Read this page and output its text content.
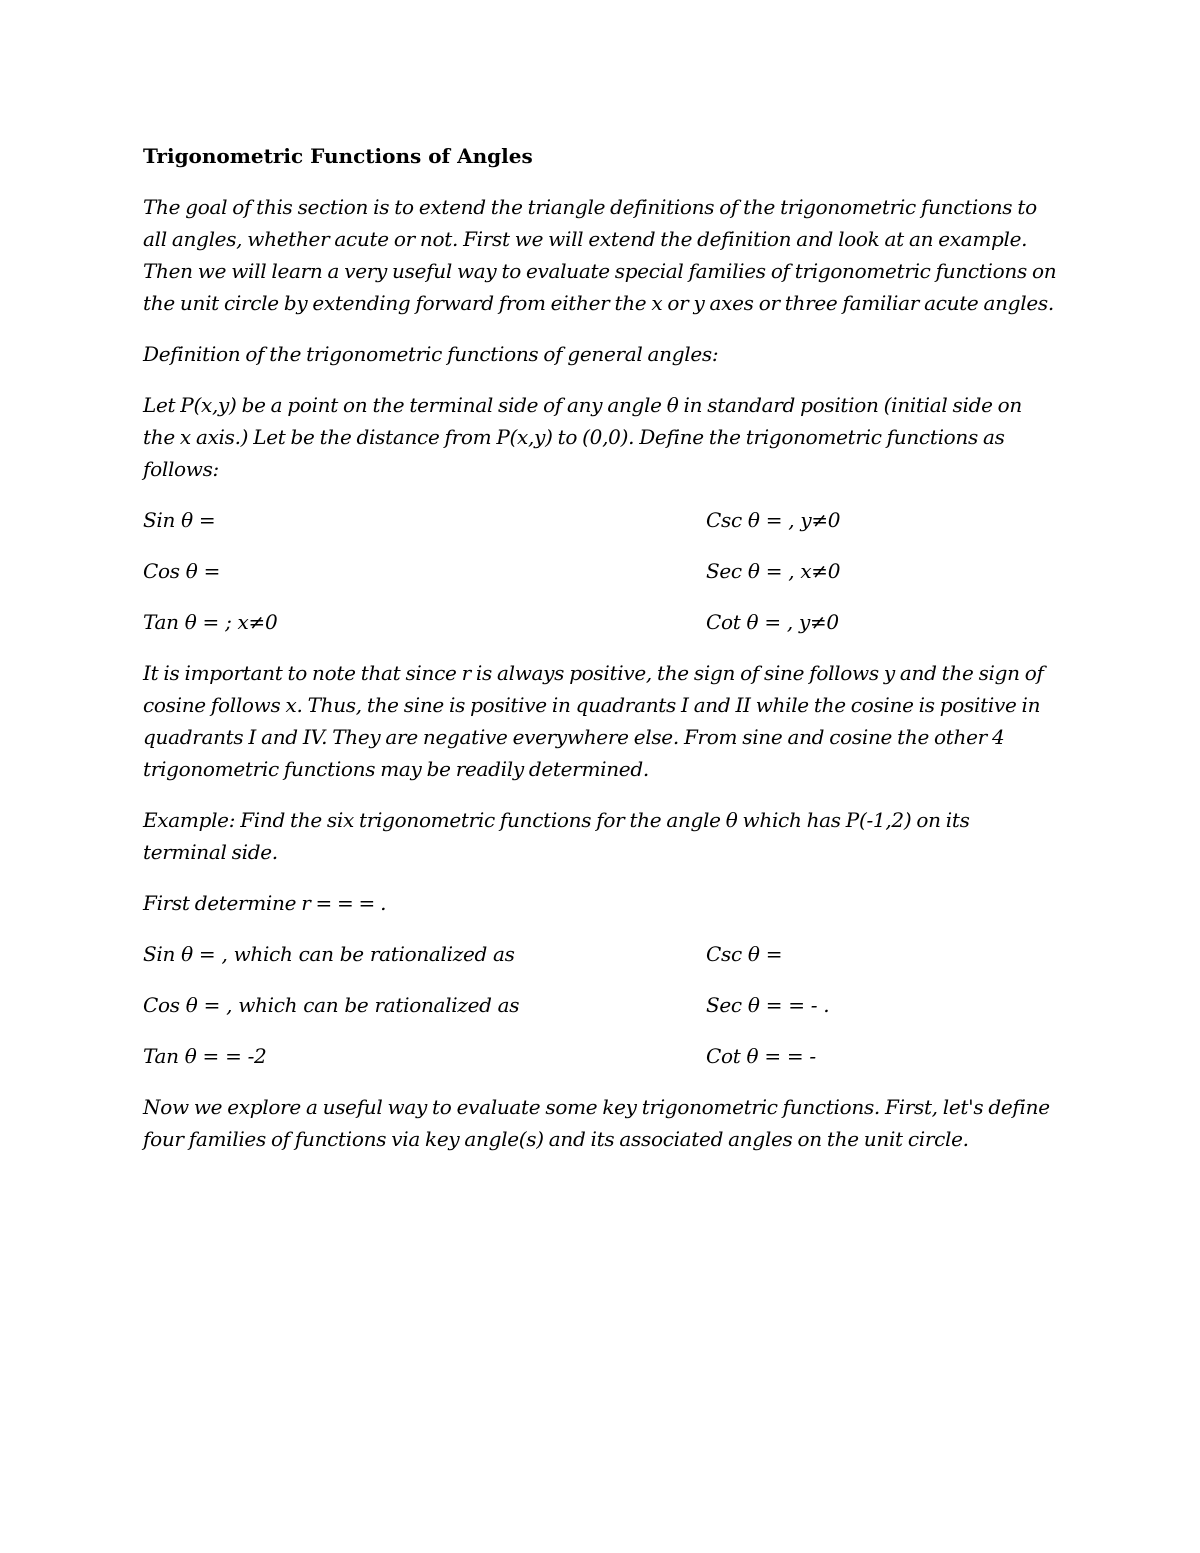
Trigonometric Functions of Angles
The goal of this section is to extend the triangle definitions of the trigonometric functions to all angles, whether acute or not. First we will extend the definition and look at an example. Then we will learn a very useful way to evaluate special families of trigonometric functions on the unit circle by extending forward from either the x or y axes or three familiar acute angles.
Definition of the trigonometric functions of general angles:
Let P(x,y) be a point on the terminal side of any angle θ in standard position (initial side on the x axis.) Let be the distance from P(x,y) to (0,0). Define the trigonometric functions as follows:
Sin θ =	Csc θ = , y≠0
Cos θ =	Sec θ = , x≠0
Tan θ = ; x≠0	Cot θ = , y≠0
It is important to note that since r is always positive, the sign of sine follows y and the sign of cosine follows x. Thus, the sine is positive in quadrants I and II while the cosine is positive in quadrants I and IV. They are negative everywhere else. From sine and cosine the other 4 trigonometric functions may be readily determined.
Example: Find the six trigonometric functions for the angle θ which has P(-1,2) on its terminal side.
First determine r = = = .
Sin θ = , which can be rationalized as	Csc θ =
Cos θ = , which can be rationalized as	Sec θ = = - .
Tan θ = = -2	Cot θ = = -
Now we explore a useful way to evaluate some key trigonometric functions. First, let's define four families of functions via key angle(s) and its associated angles on the unit circle.
